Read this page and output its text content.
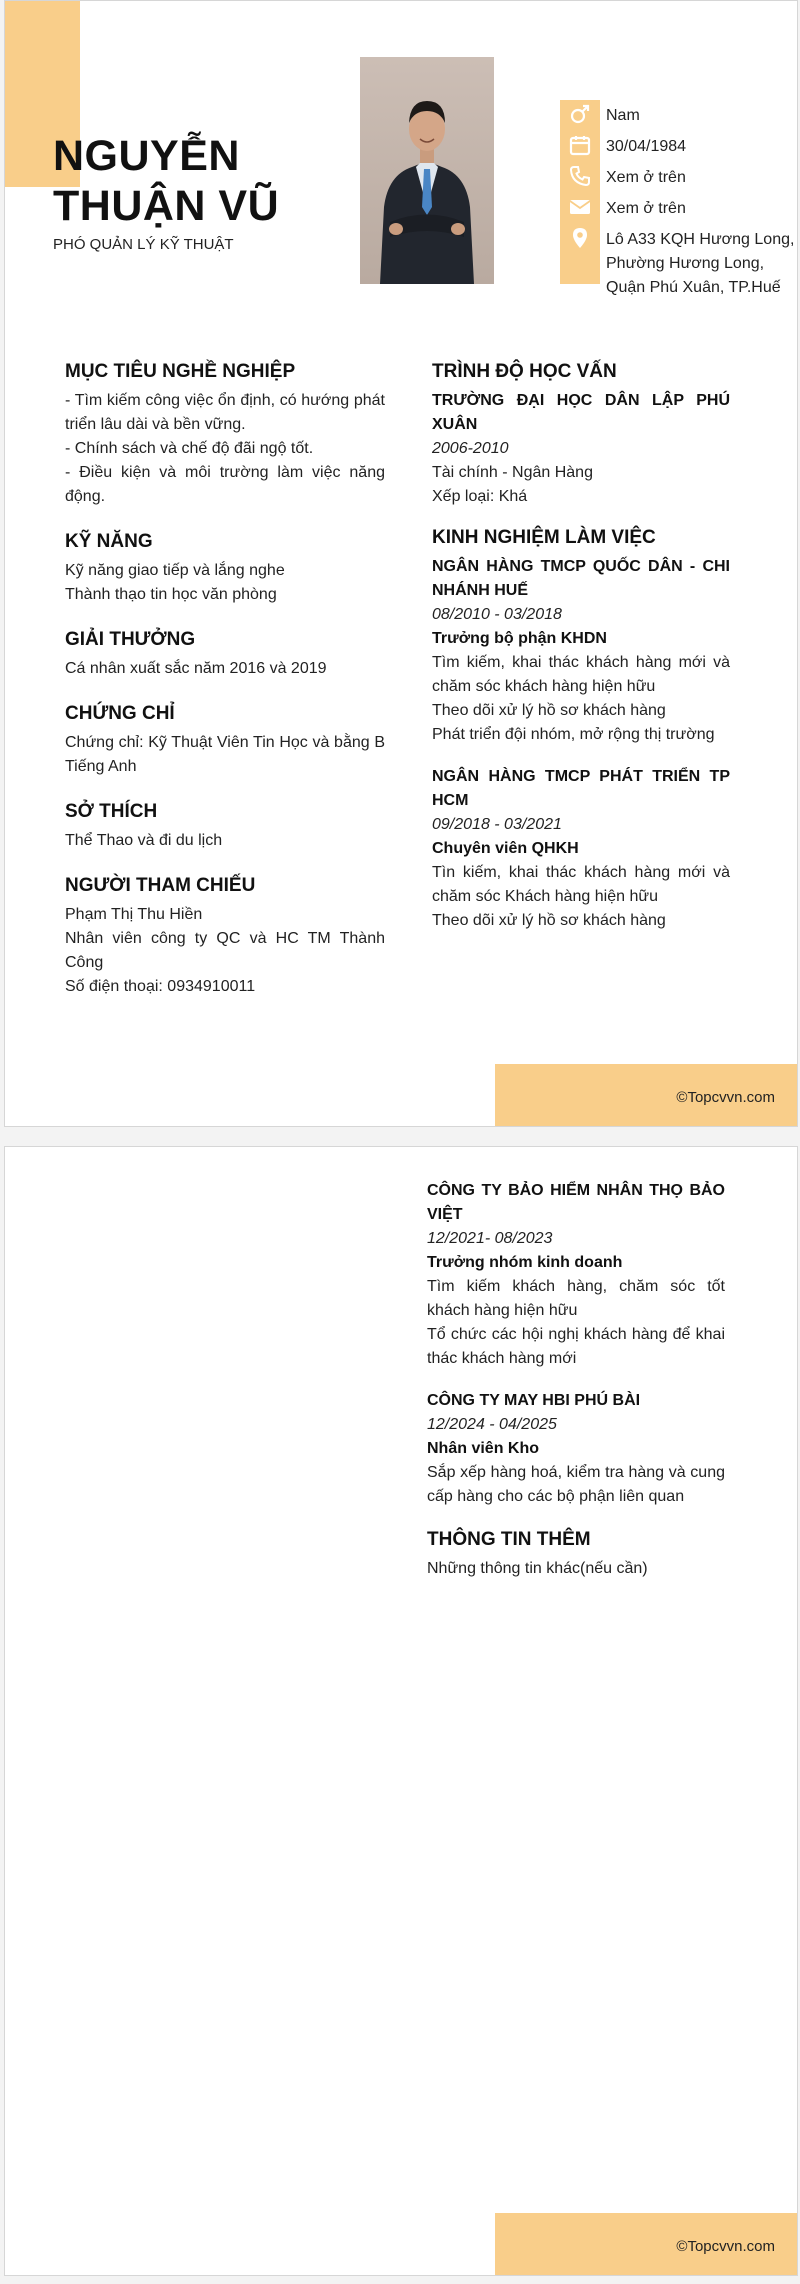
NGUYỄN
THUẬN VŨ
PHÓ QUẢN LÝ KỸ THUẬT
Nam
30/04/1984
Xem ở trên
Xem ở trên
Lô A33 KQH Hương Long, Phường Hương Long, Quận Phú Xuân, TP.Huế
MỤC TIÊU NGHỀ NGHIỆP
- Tìm kiếm công việc ổn định, có hướng phát triển lâu dài và bền vững.
- Chính sách và chế độ đãi ngộ tốt.
- Điều kiện và môi trường làm việc năng động.
KỸ NĂNG
Kỹ năng giao tiếp và lắng nghe
Thành thạo tin học văn phòng
GIẢI THƯỞNG
Cá nhân xuất sắc năm 2016 và 2019
CHỨNG CHỈ
Chứng chỉ: Kỹ Thuật Viên Tin Học và bằng B Tiếng Anh
SỞ THÍCH
Thể Thao và đi du lịch
NGƯỜI THAM CHIẾU
Phạm Thị Thu Hiền
Nhân viên công ty QC và HC TM Thành Công
Số điện thoại: 0934910011
TRÌNH ĐỘ HỌC VẤN
TRƯỜNG ĐẠI HỌC DÂN LẬP PHÚ XUÂN
2006-2010
Tài chính - Ngân Hàng
Xếp loại: Khá
KINH NGHIỆM LÀM VIỆC
NGÂN HÀNG TMCP QUỐC DÂN - CHI NHÁNH HUẾ
08/2010 - 03/2018
Trưởng bộ phận KHDN
Tìm kiếm, khai thác khách hàng mới và chăm sóc khách hàng hiện hữu
Theo dõi xử lý hồ sơ khách hàng
Phát triển đội nhóm, mở rộng thị trường
NGÂN HÀNG TMCP PHÁT TRIỂN TP HCM
09/2018 - 03/2021
Chuyên viên QHKH
Tìn kiếm, khai thác khách hàng mới và chăm sóc Khách hàng hiện hữu
Theo dõi xử lý hồ sơ khách hàng
©Topcvvn.com
©Topcvvn.com
CÔNG TY BẢO HIỂM NHÂN THỌ BẢO VIỆT
12/2021- 08/2023
Trưởng nhóm kinh doanh
Tìm kiếm khách hàng, chăm sóc tốt khách hàng hiện hữu
Tổ chức các hội nghị khách hàng để khai thác khách hàng mới
CÔNG TY MAY HBI PHÚ BÀI
12/2024 - 04/2025
Nhân viên Kho
Sắp xếp hàng hoá, kiểm tra hàng và cung cấp hàng cho các bộ phận liên quan
THÔNG TIN THÊM
Những thông tin khác(nếu cần)
